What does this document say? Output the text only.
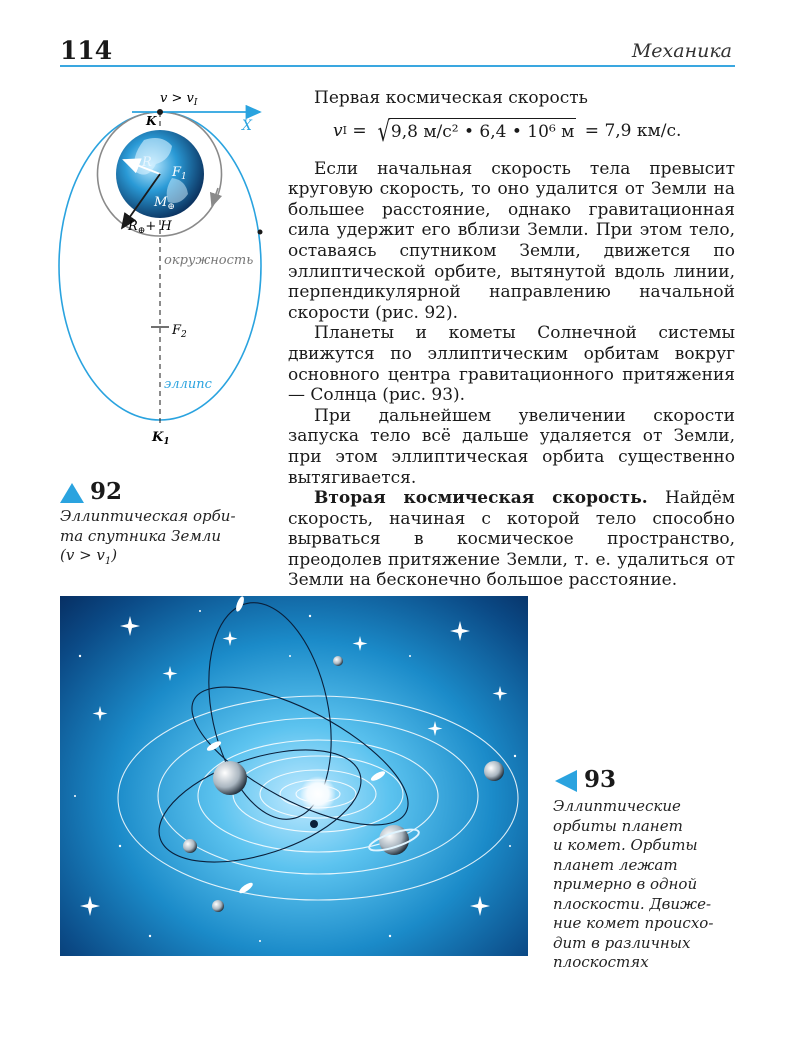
114	Механика
$v > v_I$
X
K
R
$F_1$
$M_\oplus$
$R_\oplus+ H$
окружность
$F_2$
эллипс
$K_1$
92
Эллиптическая орби-
та спутника Земли
$(v > v_1)$

Первая космическая скорость

v I = √ 9,8 м/с² • 6,4 • 10⁶ м = 7,9 км/с.

Если начальная скорость тела превысит круговую скорость, то оно удалится от Земли на большее расстояние, однако гравитационная сила удержит его вблизи Земли. При этом тело, оставаясь спутником Земли, движется по эллиптической орбите, вытянутой вдоль линии, перпендикулярной направлению начальной скорости (рис. 92).

Планеты и кометы Солнечной системы движутся по эллиптическим орбитам вокруг основного центра гравитационного притяжения — Солнца (рис. 93).

При дальнейшем увеличении скорости запуска тело всё дальше удаляется от Земли, при этом эллиптическая орбита существенно вытягивается.

Вторая космическая скорость. Найдём скорость, начиная с которой тело способно вырваться в космическое пространство, преодолев притяжение Земли, т. е. удалиться от Земли на бесконечно большое расстояние.

93
Эллиптические
орбиты планет
и комет. Орбиты
планет лежат
примерно в одной
плоскости. Движе-
ние комет происхо-
дит в различных
плоскостях
